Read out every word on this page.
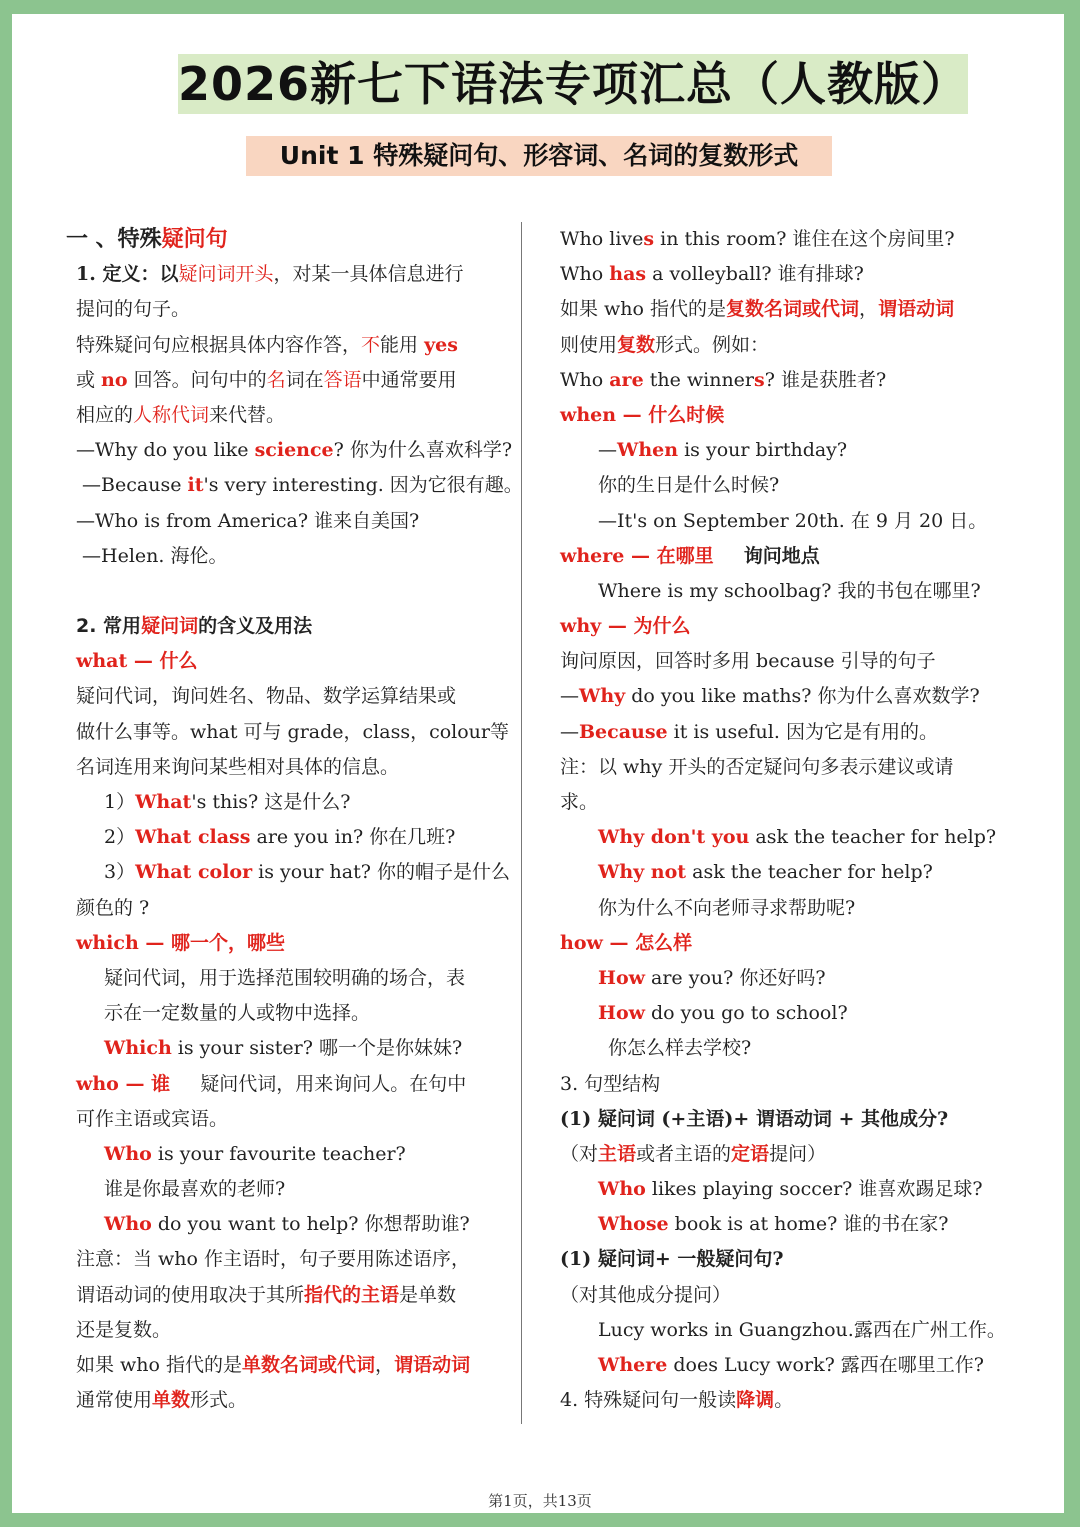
2026新七下语法专项汇总（人教版）
Unit 1 特殊疑问句、形容词、名词的复数形式
一 、特殊疑问句
1. 定义：以疑问词开头，对某一具体信息进行
提问的句子。
特殊疑问句应根据具体内容作答，不能用 yes
或 no 回答。问句中的名词在答语中通常要用
相应的人称代词来代替。
—Why do you like science? 你为什么喜欢科学?
—Because it's very interesting. 因为它很有趣。
—Who is from America? 谁来自美国?
—Helen. 海伦。
2. 常用疑问词的含义及用法
what — 什么
疑问代词，询问姓名、物品、数学运算结果或
做什么事等。what 可与 grade，class，colour等
名词连用来询问某些相对具体的信息。
1）What's this? 这是什么?
2）What class are you in? 你在几班?
3）What color is your hat? 你的帽子是什么
颜色的 ?
which — 哪一个，哪些
疑问代词，用于选择范围较明确的场合，表
示在一定数量的人或物中选择。
Which is your sister? 哪一个是你妹妹?
who — 谁 疑问代词，用来询问人。在句中
可作主语或宾语。
Who is your favourite teacher?
谁是你最喜欢的老师?
Who do you want to help? 你想帮助谁?
注意：当 who 作主语时，句子要用陈述语序，
谓语动词的使用取决于其所指代的主语是单数
还是复数。
如果 who 指代的是单数名词或代词，谓语动词
通常使用单数形式。
Who lives in this room? 谁住在这个房间里?
Who has a volleyball? 谁有排球?
如果 who 指代的是复数名词或代词，谓语动词
则使用复数形式。例如：
Who are the winners? 谁是获胜者?
when — 什么时候
—When is your birthday?
你的生日是什么时候?
—It's on September 20th. 在 9 月 20 日。
where — 在哪里 询问地点
Where is my schoolbag? 我的书包在哪里?
why — 为什么
询问原因，回答时多用 because 引导的句子
—Why do you like maths? 你为什么喜欢数学?
—Because it is useful. 因为它是有用的。
注：以 why 开头的否定疑问句多表示建议或请
求。
Why don't you ask the teacher for help?
Why not ask the teacher for help?
你为什么不向老师寻求帮助呢?
how — 怎么样
How are you? 你还好吗?
How do you go to school?
你怎么样去学校?
3. 句型结构
(1) 疑问词 (+主语)+ 谓语动词 + 其他成分?
（对主语或者主语的定语提问）
Who likes playing soccer? 谁喜欢踢足球?
Whose book is at home? 谁的书在家?
(1) 疑问词+ 一般疑问句?
（对其他成分提问）
Lucy works in Guangzhou.露西在广州工作。
Where does Lucy work? 露西在哪里工作?
4. 特殊疑问句一般读降调。
第1页，共13页
